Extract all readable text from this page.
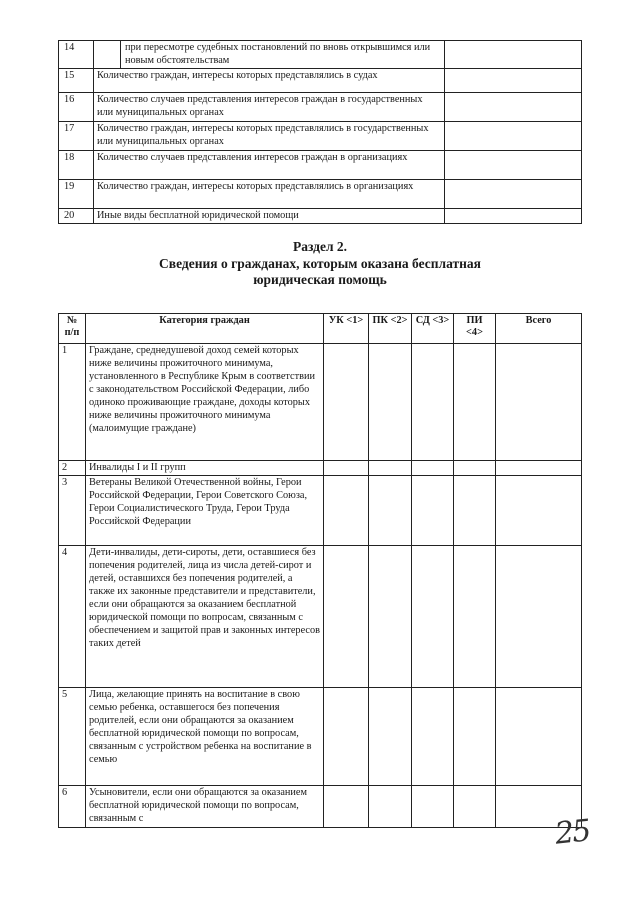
14		при пересмотре судебных постановлений по вновь открывшимся или новым обстоятельствам	
15	Количество граждан, интересы которых представлялись в судах		
16	Количество случаев представления интересов граждан в государственных или муниципальных органах		
17	Количество граждан, интересы которых представлялись в государственных или муниципальных органах		
18	Количество случаев представления интересов граждан в организациях		
19	Количество граждан, интересы которых представлялись в организациях		
20	Иные виды бесплатной юридической помощи		
Раздел 2.
Сведения о гражданах, которым оказана бесплатная юридическая помощь
№ п/п	Категория граждан	УК <1>	ПК <2>	СД <3>	ПИ <4>	Всего
1	Граждане, среднедушевой доход семей которых ниже величины прожиточного минимума, установленного в Республике Крым в соответствии с законодательством Российской Федерации, либо одиноко проживающие граждане, доходы которых ниже величины прожиточного минимума (малоимущие граждане)					
2	Инвалиды I и II групп					
3	Ветераны Великой Отечественной войны, Герои Российской Федерации, Герои Советского Союза, Герои Социалистического Труда, Герои Труда Российской Федерации					
4	Дети-инвалиды, дети-сироты, дети, оставшиеся без попечения родителей, лица из числа детей-сирот и детей, оставшихся без попечения родителей, а также их законные представители и представители, если они обращаются за оказанием бесплатной юридической помощи по вопросам, связанным с обеспечением и защитой прав и законных интересов таких детей					
5	Лица, желающие принять на воспитание в свою семью ребенка, оставшегося без попечения родителей, если они обращаются за оказанием бесплатной юридической помощи по вопросам, связанным с устройством ребенка на воспитание в семью					
6	Усыновители, если они обращаются за оказанием бесплатной юридической помощи по вопросам, связанным с						25
